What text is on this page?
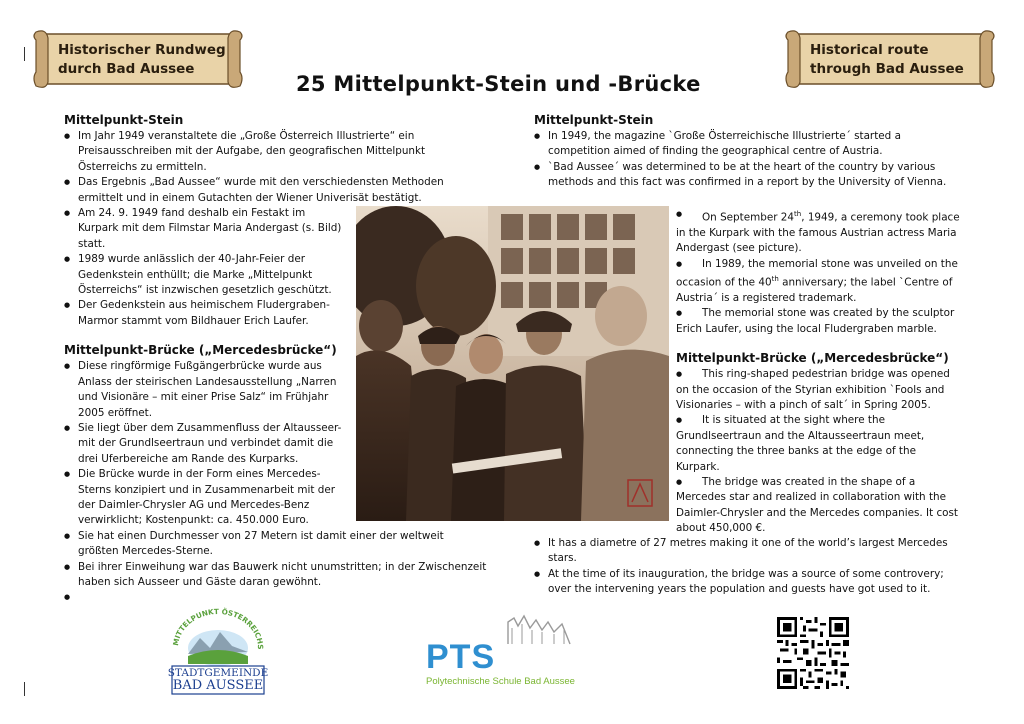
Historischer Rundweg
durch Bad Aussee
Historical route
through Bad Aussee
25 Mittelpunkt-Stein und -Brücke
Mittelpunkt-Stein
● Im Jahr 1949 veranstaltete die „Große Österreich Illustrierte“ ein
Preisausschreiben mit der Aufgabe, den geografischen Mittelpunkt
Österreichs zu ermitteln.
● Das Ergebnis „Bad Aussee“ wurde mit den verschiedensten Methoden
ermittelt und in einem Gutachten der Wiener Univerisät bestätigt.
● Am 24. 9. 1949 fand deshalb ein Festakt im
Kurpark mit dem Filmstar Maria Andergast (s. Bild)
statt.
● 1989 wurde anlässlich der 40-Jahr-Feier der
Gedenkstein enthüllt; die Marke „Mittelpunkt
Österreichs“ ist inzwischen gesetzlich geschützt.
● Der Gedenkstein aus heimischem Fludergraben-
Marmor stammt vom Bildhauer Erich Laufer.
Mittelpunkt-Brücke („Mercedesbrücke“)
● Diese ringförmige Fußgängerbrücke wurde aus
Anlass der steirischen Landesausstellung „Narren
und Visionäre – mit einer Prise Salz“ im Frühjahr
2005 eröffnet.
● Sie liegt über dem Zusammenfluss der Altausseer-
mit der Grundlseertraun und verbindet damit die
drei Uferbereiche am Rande des Kurparks.
● Die Brücke wurde in der Form eines Mercedes-
Sterns konzipiert und in Zusammenarbeit mit der
der Daimler-Chrysler AG und Mercedes-Benz
verwirklicht; Kostenpunkt: ca. 450.000 Euro.
● Sie hat einen Durchmesser von 27 Metern ist damit einer der weltweit
größten Mercedes-Sterne.
● Bei ihrer Einweihung war das Bauwerk nicht unumstritten; in der Zwischenzeit
haben sich Ausseer und Gäste daran gewöhnt.
●
Mittelpunkt-Stein
● In 1949, the magazine `Große Österreichische Illustrierte´ started a
competition aimed of finding the geographical centre of Austria.
● `Bad Aussee´ was determined to be at the heart of the country by various
methods and this fact was confirmed in a report by the University of Vienna.
● On September 24th, 1949, a ceremony took place
in the Kurpark with the famous Austrian actress Maria
Andergast (see picture).
● In 1989, the memorial stone was unveiled on the
occasion of the 40th anniversary; the label `Centre of
Austria´ is a registered trademark.
● The memorial stone was created by the sculptor
Erich Laufer, using the local Fludergraben marble.
Mittelpunkt-Brücke („Mercedesbrücke“)
● This ring-shaped pedestrian bridge was opened
on the occasion of the Styrian exhibition `Fools and
Visionaries – with a pinch of salt´ in Spring 2005.
● It is situated at the sight where the
Grundlseertraun and the Altausseertraun meet,
connecting the three banks at the edge of the
Kurpark.
● The bridge was created in the shape of a
Mercedes star and realized in collaboration with the
Daimler-Chrysler and the Mercedes companies. It cost
about 450,000 €.
● It has a diametre of 27 metres making it one of the world’s largest Mercedes
stars.
● At the time of its inauguration, the bridge was a source of some controvery;
over the intervening years the population and guests have got used to it.
MITTELPUNKT ÖSTERREICHS
STADTGEMEINDE
BAD AUSSEE
PTS
Polytechnische Schule Bad Aussee
